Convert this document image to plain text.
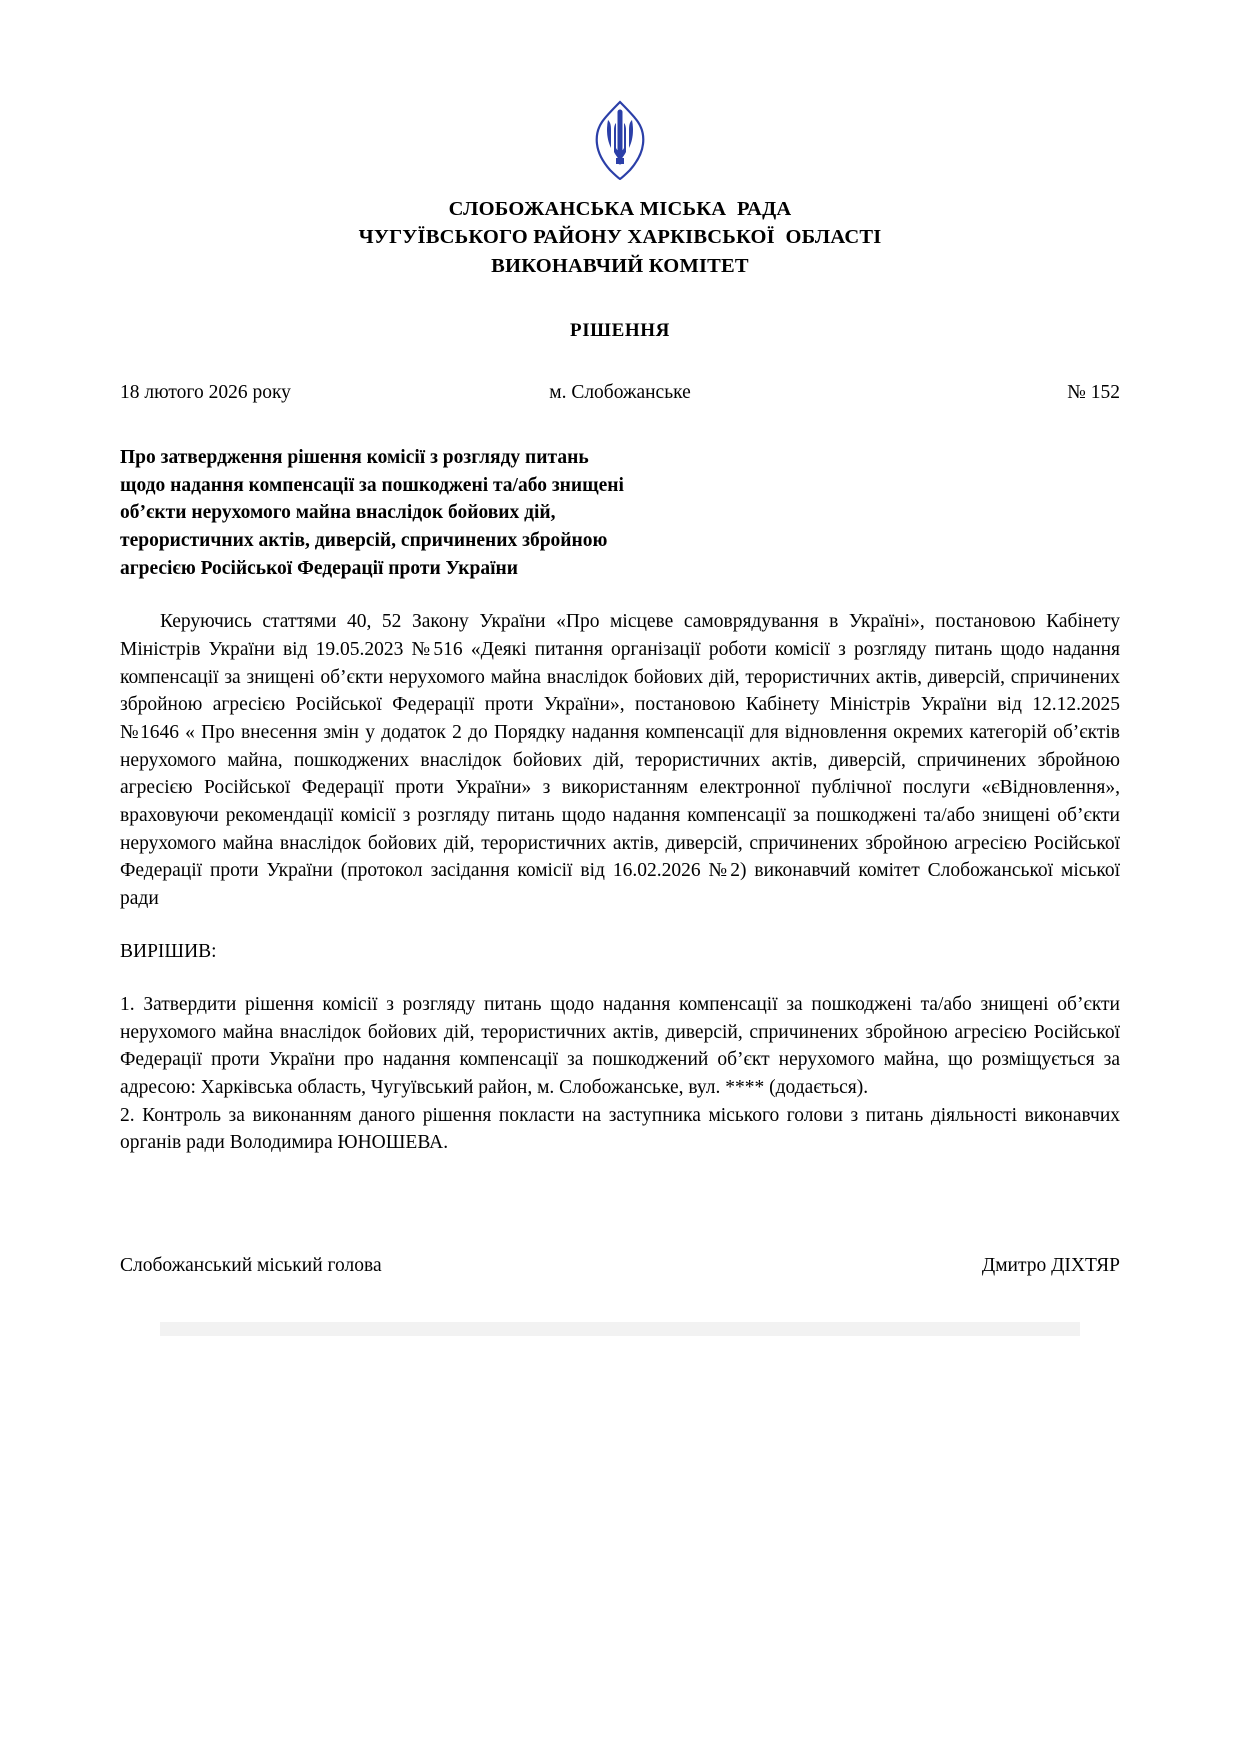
СЛОБОЖАНСЬКА МІСЬКА  РАДА
ЧУГУЇВСЬКОГО РАЙОНУ ХАРКІВСЬКОЇ  ОБЛАСТІ
ВИКОНАВЧИЙ КОМІТЕТ
РІШЕННЯ
18 лютого 2026 року	м. Слобожанське	№ 152
Про затвердження рішення комісії з розгляду питань
щодо надання компенсації за пошкоджені та/або знищені
об’єкти нерухомого майна внаслідок бойових дій,
терористичних актів, диверсій, спричинених збройною
агресією Російської Федерації проти України
Керуючись статтями 40, 52 Закону України «Про місцеве самоврядування в Україні», постановою Кабінету Міністрів України від 19.05.2023 №516 «Деякі питання організації роботи комісії з розгляду питань щодо надання компенсації за знищені об’єкти нерухомого майна внаслідок бойових дій, терористичних актів, диверсій, спричинених збройною агресією Російської Федерації проти України», постановою Кабінету Міністрів України від 12.12.2025 №1646 « Про внесення змін у додаток 2 до Порядку надання компенсації для відновлення окремих категорій об’єктів нерухомого майна, пошкоджених внаслідок бойових дій, терористичних актів, диверсій, спричинених збройною агресією Російської Федерації проти України» з використанням електронної публічної послуги «єВідновлення», враховуючи рекомендації комісії з розгляду питань щодо надання компенсації за пошкоджені та/або знищені об’єкти нерухомого майна внаслідок бойових дій, терористичних актів, диверсій, спричинених збройною агресією Російської Федерації проти України (протокол засідання комісії від 16.02.2026 №2) виконавчий комітет Слобожанської міської ради
ВИРІШИВ:
1. Затвердити рішення комісії з розгляду питань щодо надання компенсації за пошкоджені та/або знищені об’єкти нерухомого майна внаслідок бойових дій, терористичних актів, диверсій, спричинених збройною агресією Російської Федерації проти України про надання компенсації за пошкоджений об’єкт нерухомого майна, що розміщується за адресою: Харківська область, Чугуївський район, м. Слобожанське, вул. **** (додається).
2. Контроль за виконанням даного рішення покласти на заступника міського голови з питань діяльності виконавчих органів ради Володимира ЮНОШЕВА.
Слобожанський міський голова	Дмитро ДІХТЯР
